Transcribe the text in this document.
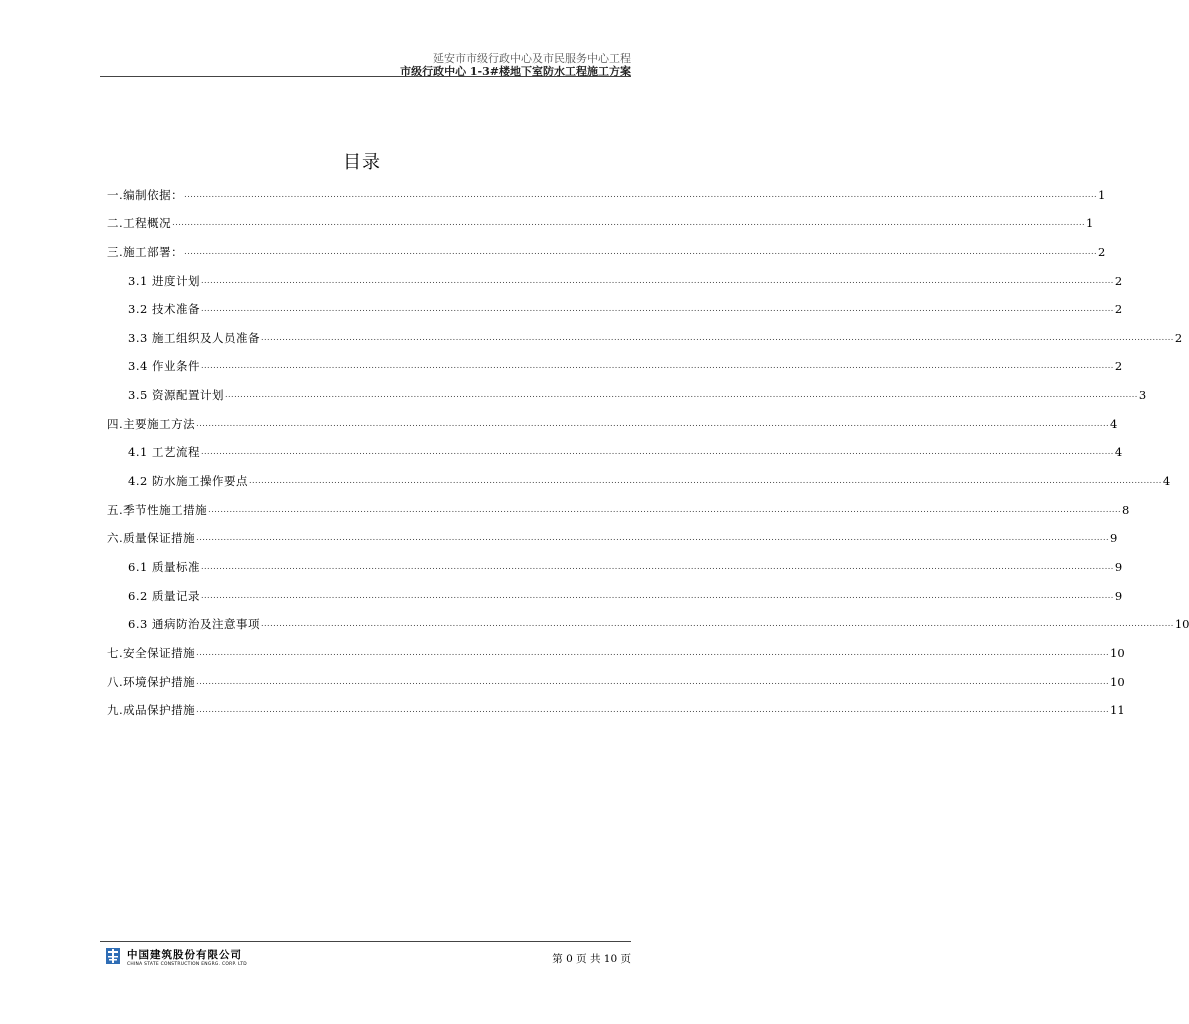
延安市市级行政中心及市民服务中心工程
市级行政中心 1-3#楼地下室防水工程施工方案
目录
一.编制依据： ............................................................................................................................................................................................................................................................................................................ 1
二.工程概况 ............................................................................................................................................................................................................................................................................................................ 1
三.施工部署： ............................................................................................................................................................................................................................................................................................................ 2
3.1 进度计划 ............................................................................................................................................................................................................................................................................................................ 2
3.2 技术准备 ............................................................................................................................................................................................................................................................................................................ 2
3.3 施工组织及人员准备 ............................................................................................................................................................................................................................................................................................................ 2
3.4 作业条件 ............................................................................................................................................................................................................................................................................................................ 2
3.5 资源配置计划 ............................................................................................................................................................................................................................................................................................................ 3
四.主要施工方法 ............................................................................................................................................................................................................................................................................................................ 4
4.1 工艺流程 ............................................................................................................................................................................................................................................................................................................ 4
4.2 防水施工操作要点 ............................................................................................................................................................................................................................................................................................................ 4
五.季节性施工措施 ............................................................................................................................................................................................................................................................................................................ 8
六.质量保证措施 ............................................................................................................................................................................................................................................................................................................ 9
6.1 质量标准 ............................................................................................................................................................................................................................................................................................................ 9
6.2 质量记录 ............................................................................................................................................................................................................................................................................................................ 9
6.3 通病防治及注意事项 ............................................................................................................................................................................................................................................................................................................ 10
七.安全保证措施 ............................................................................................................................................................................................................................................................................................................ 10
八.环境保护措施 ............................................................................................................................................................................................................................................................................................................ 10
九.成品保护措施 ............................................................................................................................................................................................................................................................................................................ 11
中国建筑股份有限公司
CHINA STATE CONSTRUCTION ENGRG. CORP. LTD	第 0 页 共 10 页
